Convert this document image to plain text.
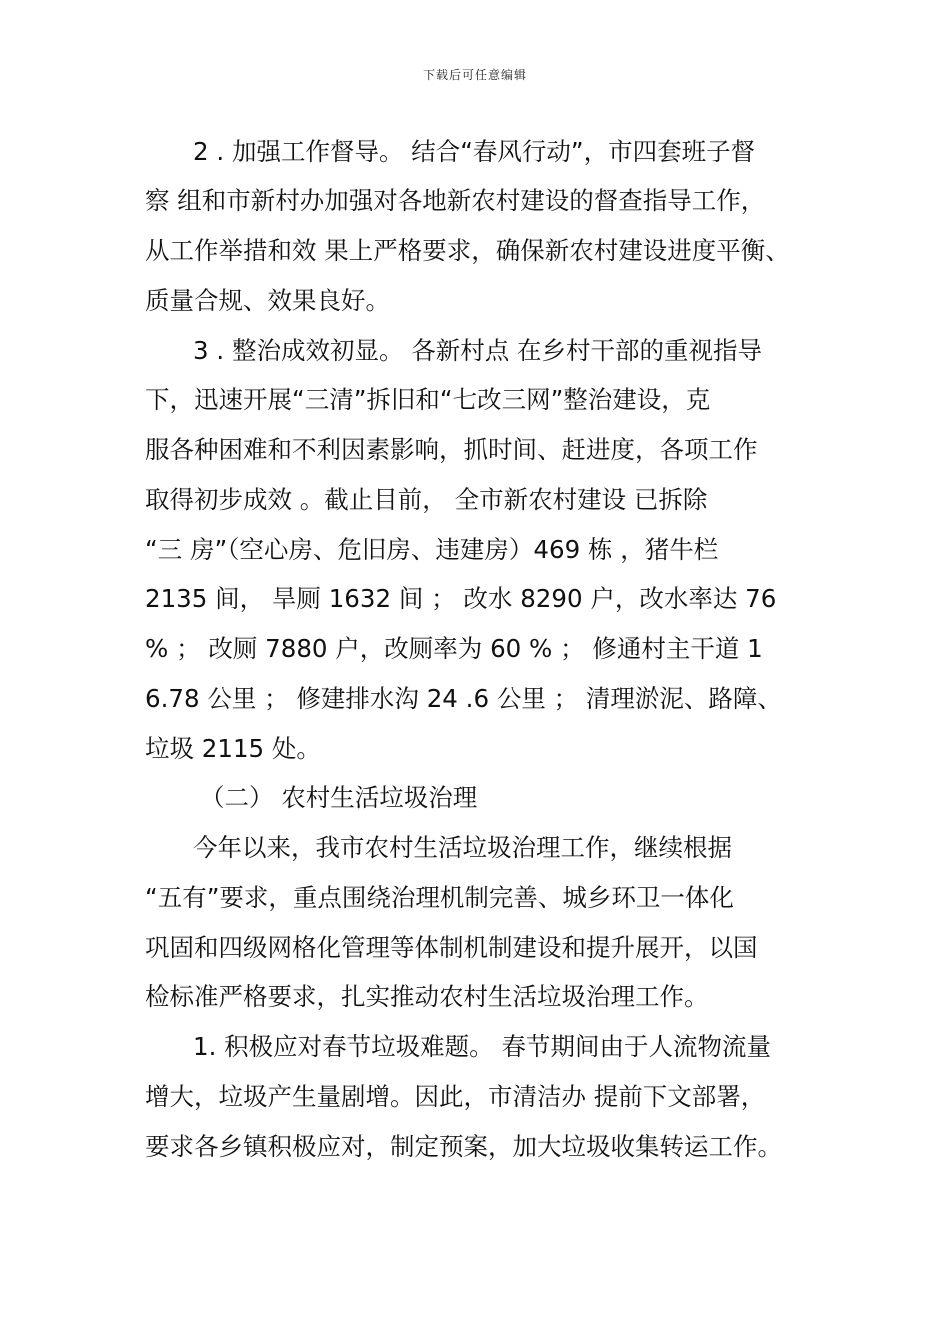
下载后可任意编辑
2 . 加强工作督导。 结合“春风行动”，市四套班子督
察 组和市新村办加强对各地新农村建设的督查指导工作，
从工作举措和效 果上严格要求，确保新农村建设进度平衡、
质量合规、效果良好。
3 . 整治成效初显。 各新村点 在乡村干部的重视指导
下，迅速开展“三清”拆旧和“七改三网”整治建设，克
服各种困难和不利因素影响，抓时间、赶进度，各项工作
取得初步成效 。截止目前， 全市新农村建设 已拆除
“三 房”（空心房、危旧房、违建房）469 栋 ，猪牛栏
2135 间， 旱厕 1632 间 ； 改水 8290 户，改水率达 76
% ； 改厕 7880 户，改厕率为 60 % ； 修通村主干道 1
6.78 公里 ； 修建排水沟 24 .6 公里 ； 清理淤泥、路障、
垃圾 2115 处。
（二） 农村生活垃圾治理
今年以来，我市农村生活垃圾治理工作，继续根据
“五有”要求，重点围绕治理机制完善、城乡环卫一体化
巩固和四级网格化管理等体制机制建设和提升展开，以国
检标准严格要求，扎实推动农村生活垃圾治理工作。
1. 积极应对春节垃圾难题。 春节期间由于人流物流量
增大，垃圾产生量剧增。因此，市清洁办 提前下文部署，
要求各乡镇积极应对，制定预案，加大垃圾收集转运工作。
